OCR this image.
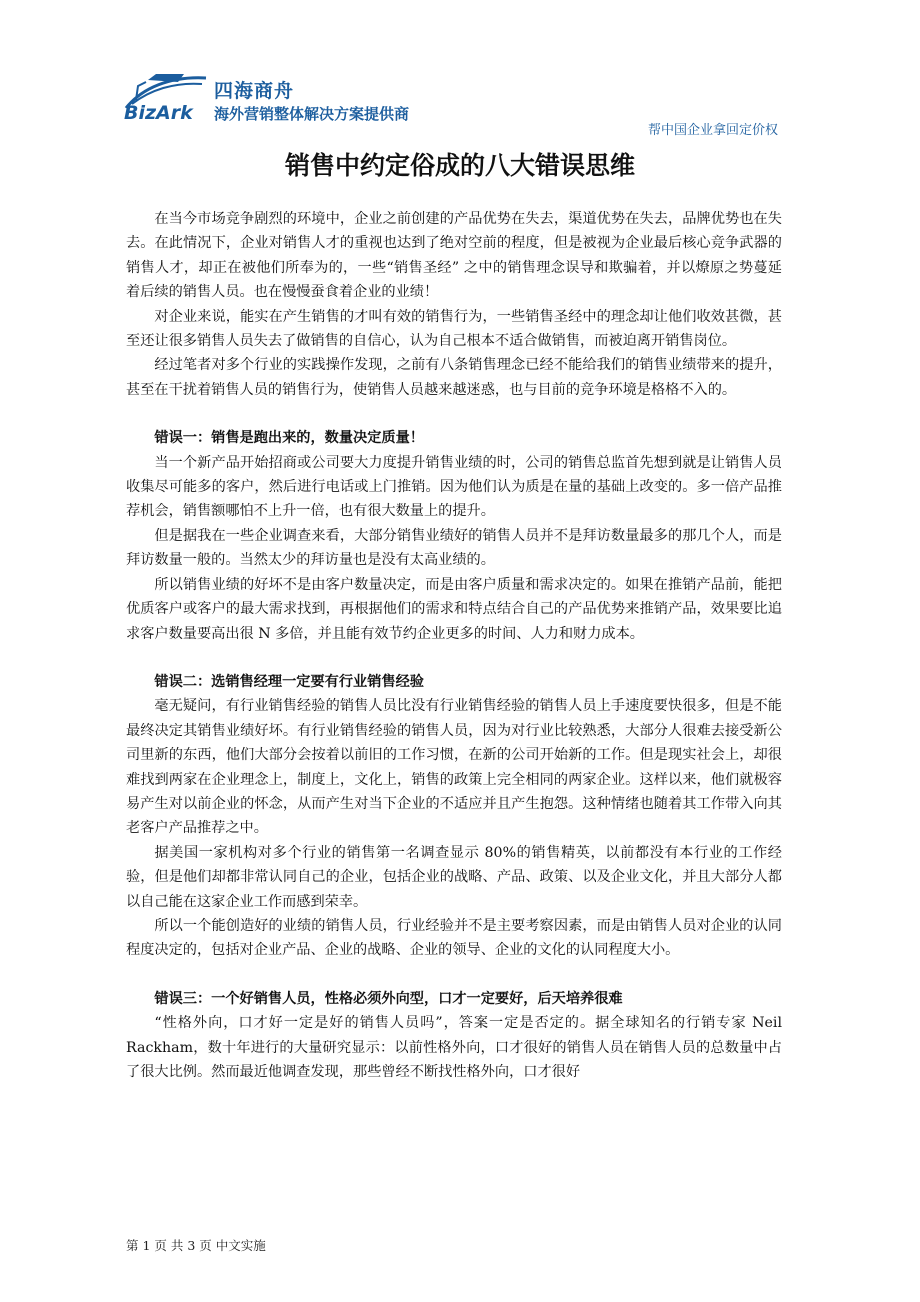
BizArk
四海商舟
海外营销整体解决方案提供商
帮中国企业拿回定价权
销售中约定俗成的八大错误思维

在当今市场竞争剧烈的环境中，企业之前创建的产品优势在失去，渠道优势在失去，品牌优势也在失去。在此情况下，企业对销售人才的重视也达到了绝对空前的程度，但是被视为企业最后核心竞争武器的销售人才，却正在被他们所奉为的，一些“销售圣经” 之中的销售理念误导和欺骗着，并以燎原之势蔓延着后续的销售人员。也在慢慢蚕食着企业的业绩！

对企业来说，能实在产生销售的才叫有效的销售行为，一些销售圣经中的理念却让他们收效甚微，甚至还让很多销售人员失去了做销售的自信心，认为自己根本不适合做销售，而被迫离开销售岗位。

经过笔者对多个行业的实践操作发现，之前有八条销售理念已经不能给我们的销售业绩带来的提升，甚至在干扰着销售人员的销售行为，使销售人员越来越迷惑，也与目前的竞争环境是格格不入的。

错误一：销售是跑出来的，数量决定质量！

当一个新产品开始招商或公司要大力度提升销售业绩的时，公司的销售总监首先想到就是让销售人员收集尽可能多的客户，然后进行电话或上门推销。因为他们认为质是在量的基础上改变的。多一倍产品推荐机会，销售额哪怕不上升一倍，也有很大数量上的提升。

但是据我在一些企业调查来看，大部分销售业绩好的销售人员并不是拜访数量最多的那几个人，而是拜访数量一般的。当然太少的拜访量也是没有太高业绩的。

所以销售业绩的好坏不是由客户数量决定，而是由客户质量和需求决定的。如果在推销产品前，能把优质客户或客户的最大需求找到，再根据他们的需求和特点结合自己的产品优势来推销产品，效果要比追求客户数量要高出很 N 多倍，并且能有效节约企业更多的时间、人力和财力成本。

错误二：选销售经理一定要有行业销售经验

毫无疑问，有行业销售经验的销售人员比没有行业销售经验的销售人员上手速度要快很多，但是不能最终决定其销售业绩好坏。有行业销售经验的销售人员，因为对行业比较熟悉，大部分人很难去接受新公司里新的东西，他们大部分会按着以前旧的工作习惯，在新的公司开始新的工作。但是现实社会上，却很难找到两家在企业理念上，制度上，文化上，销售的政策上完全相同的两家企业。这样以来，他们就极容易产生对以前企业的怀念，从而产生对当下企业的不适应并且产生抱怨。这种情绪也随着其工作带入向其老客户产品推荐之中。

据美国一家机构对多个行业的销售第一名调查显示 80%的销售精英，以前都没有本行业的工作经验，但是他们却都非常认同自己的企业，包括企业的战略、产品、政策、以及企业文化，并且大部分人都以自己能在这家企业工作而感到荣幸。

所以一个能创造好的业绩的销售人员，行业经验并不是主要考察因素，而是由销售人员对企业的认同程度决定的，包括对企业产品、企业的战略、企业的领导、企业的文化的认同程度大小。

错误三：一个好销售人员，性格必须外向型，口才一定要好，后天培养很难

“性格外向，口才好一定是好的销售人员吗”，答案一定是否定的。据全球知名的行销专家 Neil Rackham，数十年进行的大量研究显示：以前性格外向，口才很好的销售人员在销售人员的总数量中占了很大比例。然而最近他调查发现，那些曾经不断找性格外向，口才很好

第 1 页 共 3 页 中文实施
